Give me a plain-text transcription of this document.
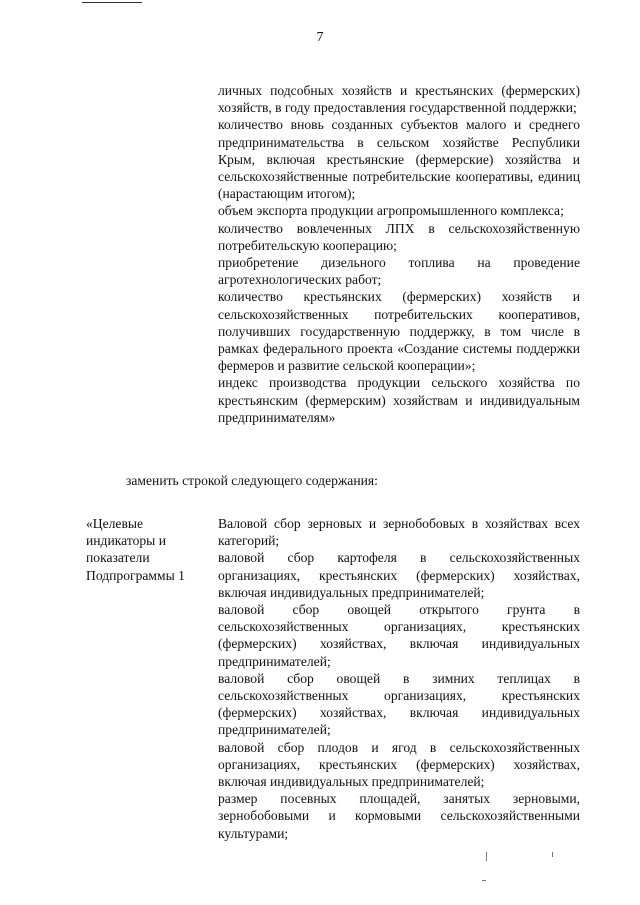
7
личных подсобных хозяйств и крестьянских (фермерских) хозяйств, в году предоставления государственной поддержки;
количество вновь созданных субъектов малого и среднего предпринимательства в сельском хозяйстве Республики Крым, включая крестьянские (фермерские) хозяйства и сельскохозяйственные потребительские кооперативы, единиц (нарастающим итогом);
объем экспорта продукции агропромышленного комплекса;
количество вовлеченных ЛПХ в сельскохозяйственную потребительскую кооперацию;
приобретение дизельного топлива на проведение агротехнологических работ;
количество крестьянских (фермерских) хозяйств и сельскохозяйственных потребительских кооперативов, получивших государственную поддержку, в том числе в рамках федерального проекта «Создание системы поддержки фермеров и развитие сельской кооперации»;
индекс производства продукции сельского хозяйства по крестьянским (фермерским) хозяйствам и индивидуальным предпринимателям»
заменить строкой следующего содержания:
«Целевые
индикаторы и
показатели
Подпрограммы 1
Валовой сбор зерновых и зернобобовых в хозяйствах всех категорий;
валовой сбор картофеля в сельскохозяйственных организациях, крестьянских (фермерских) хозяйствах, включая индивидуальных предпринимателей;
валовой сбор овощей открытого грунта в сельскохозяйственных организациях, крестьянских (фермерских) хозяйствах, включая индивидуальных предпринимателей;
валовой сбор овощей в зимних теплицах в сельскохозяйственных организациях, крестьянских (фермерских) хозяйствах, включая индивидуальных предпринимателей;
валовой сбор плодов и ягод в сельскохозяйственных организациях, крестьянских (фермерских) хозяйствах, включая индивидуальных предпринимателей;
размер посевных площадей, занятых зерновыми, зернобобовыми и кормовыми сельскохозяйственными культурами;
